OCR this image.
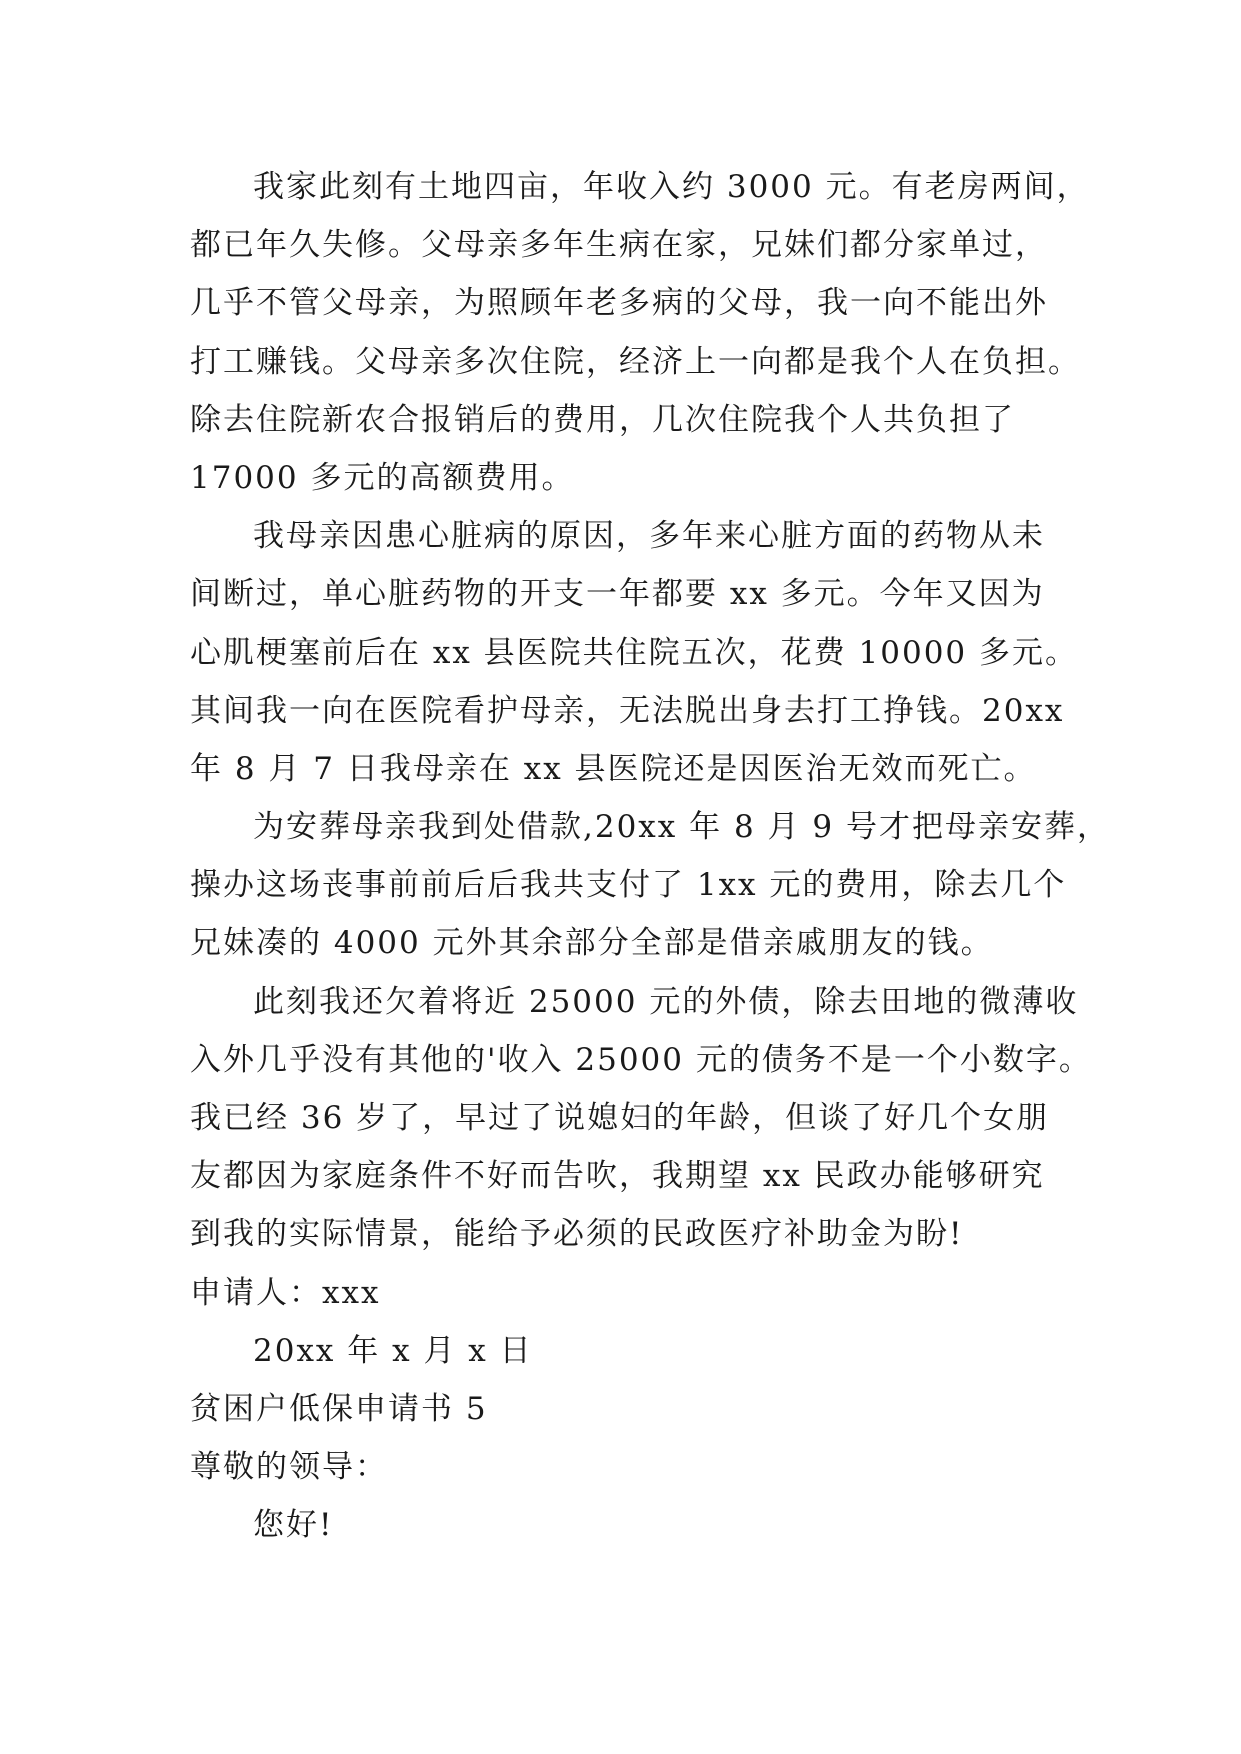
我家此刻有土地四亩，年收入约 3000 元。有老房两间，
都已年久失修。父母亲多年生病在家，兄妹们都分家单过，
几乎不管父母亲，为照顾年老多病的父母，我一向不能出外
打工赚钱。父母亲多次住院，经济上一向都是我个人在负担。
除去住院新农合报销后的费用，几次住院我个人共负担了
17000 多元的高额费用。
我母亲因患心脏病的原因，多年来心脏方面的药物从未
间断过，单心脏药物的开支一年都要 xx 多元。今年又因为
心肌梗塞前后在 xx 县医院共住院五次，花费 10000 多元。
其间我一向在医院看护母亲，无法脱出身去打工挣钱。20xx
年 8 月 7 日我母亲在 xx 县医院还是因医治无效而死亡。
为安葬母亲我到处借款,20xx 年 8 月 9 号才把母亲安葬，
操办这场丧事前前后后我共支付了 1xx 元的费用，除去几个
兄妹凑的 4000 元外其余部分全部是借亲戚朋友的钱。
此刻我还欠着将近 25000 元的外债，除去田地的微薄收
入外几乎没有其他的'收入 25000 元的债务不是一个小数字。
我已经 36 岁了，早过了说媳妇的年龄，但谈了好几个女朋
友都因为家庭条件不好而告吹，我期望 xx 民政办能够研究
到我的实际情景，能给予必须的民政医疗补助金为盼!
申请人：xxx
20xx 年 x 月 x 日
贫困户低保申请书 5
尊敬的领导：
您好!
